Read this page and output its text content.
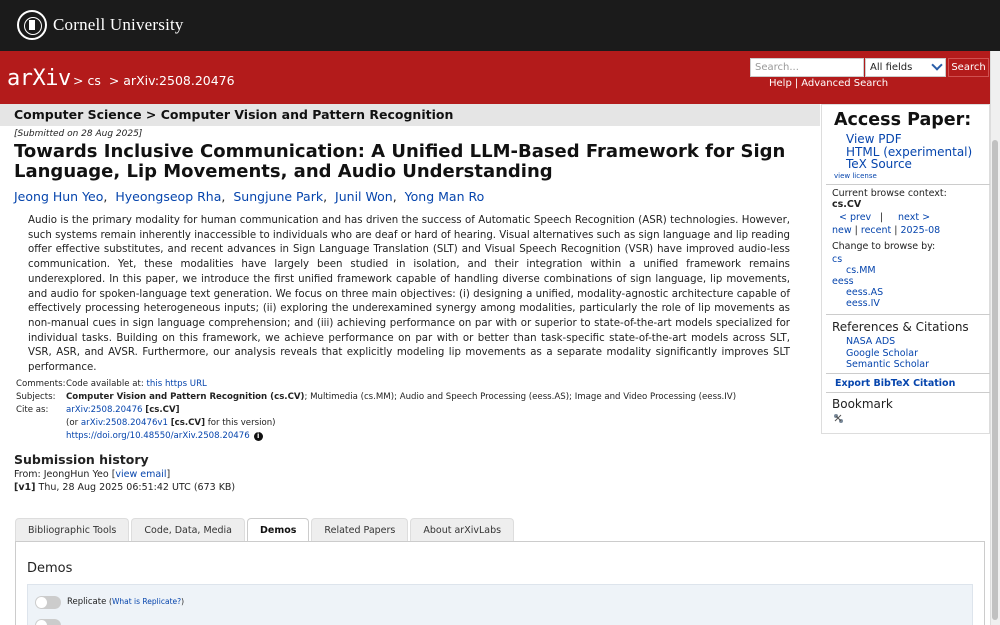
Cornell University
arXiv > cs > arXiv:2508.20476
Search...	All fields	Search
Help | Advanced Search
Computer Science > Computer Vision and Pattern Recognition
[Submitted on 28 Aug 2025]
Towards Inclusive Communication: A Unified LLM-Based Framework for Sign Language, Lip Movements, and Audio Understanding
Jeong Hun Yeo, Hyeongseop Rha, Sungjune Park, Junil Won, Yong Man Ro
Audio is the primary modality for human communication and has driven the success of Automatic Speech Recognition (ASR) technologies. However, such systems remain inherently inaccessible to individuals who are deaf or hard of hearing. Visual alternatives such as sign language and lip reading offer effective substitutes, and recent advances in Sign Language Translation (SLT) and Visual Speech Recognition (VSR) have improved audio-less communication. Yet, these modalities have largely been studied in isolation, and their integration within a unified framework remains underexplored. In this paper, we introduce the first unified framework capable of handling diverse combinations of sign language, lip movements, and audio for spoken-language text generation. We focus on three main objectives: (i) designing a unified, modality-agnostic architecture capable of effectively processing heterogeneous inputs; (ii) exploring the underexamined synergy among modalities, particularly the role of lip movements as non-manual cues in sign language comprehension; and (iii) achieving performance on par with or superior to state-of-the-art models specialized for individual tasks. Building on this framework, we achieve performance on par with or better than task-specific state-of-the-art models across SLT, VSR, ASR, and AVSR. Furthermore, our analysis reveals that explicitly modeling lip movements as a separate modality significantly improves SLT performance.
Comments: Code available at: this https URL
Subjects:	Computer Vision and Pattern Recognition (cs.CV); Multimedia (cs.MM); Audio and Speech Processing (eess.AS); Image and Video Processing (eess.IV)
Cite as:	arXiv:2508.20476 [cs.CV]
(or arXiv:2508.20476v1 [cs.CV] for this version)
https://doi.org/10.48550/arXiv.2508.20476 i
Submission history
From: JeongHun Yeo [view email]
[v1] Thu, 28 Aug 2025 06:51:42 UTC (673 KB)
Bibliographic Tools	Code, Data, Media	Demos	Related Papers	About arXivLabs
Demos
Replicate (What is Replicate?)
Access Paper:
View PDF
HTML (experimental)
TeX Source
view license
Current browse context:
cs.CV
< prev | next >
new | recent | 2025-08
Change to browse by:
cs
cs.MM
eess
eess.AS
eess.IV
References & Citations
NASA ADS
Google Scholar
Semantic Scholar
Export BibTeX Citation
Bookmark
